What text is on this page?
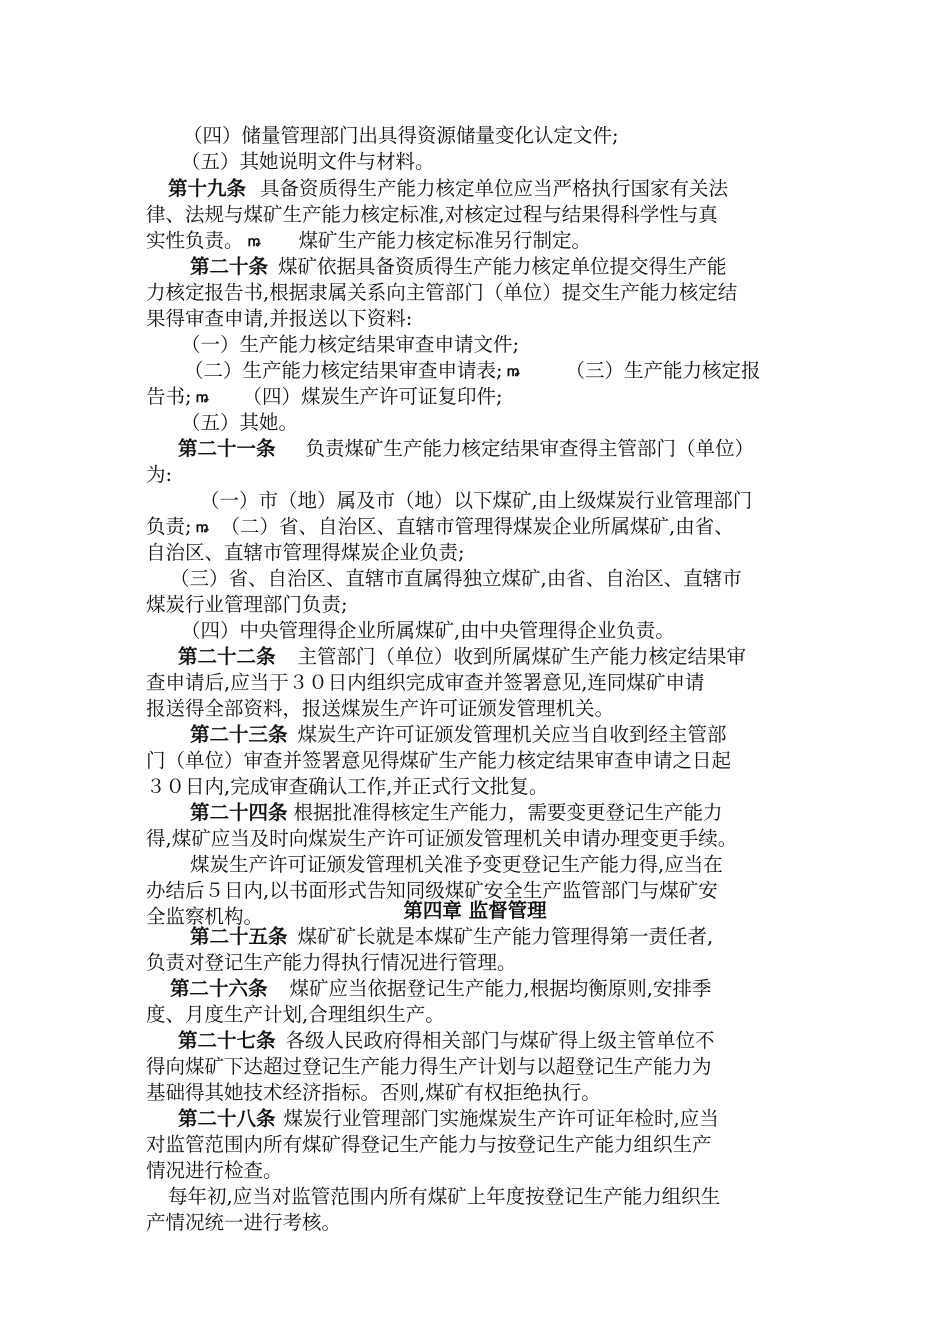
（四）储量管理部门出具得资源储量变化认定文件;
（五）其她说明文件与材料。
第十九条 具备资质得生产能力核定单位应当严格执行国家有关法
律、法规与煤矿生产能力核定标准,对核定过程与结果得科学性与真
实性负责。 ꬺ 煤矿生产能力核定标准另行制定。
第二十条 煤矿依据具备资质得生产能力核定单位提交得生产能
力核定报告书,根据隶属关系向主管部门（单位）提交生产能力核定结
果得审查申请,并报送以下资料:
（一）生产能力核定结果审查申请文件;
（二）生产能力核定结果审查申请表; ꬺ （三）生产能力核定报
告书; ꬺ （四）煤炭生产许可证复印件;
（五）其她。
第二十一条 负责煤矿生产能力核定结果审查得主管部门（单位）
为:
（一）市（地）属及市（地）以下煤矿,由上级煤炭行业管理部门
负责; ꬺ （二）省、自治区、直辖市管理得煤炭企业所属煤矿,由省、
自治区、直辖市管理得煤炭企业负责;
（三）省、自治区、直辖市直属得独立煤矿,由省、自治区、直辖市
煤炭行业管理部门负责;
（四）中央管理得企业所属煤矿,由中央管理得企业负责。
第二十二条 主管部门（单位）收到所属煤矿生产能力核定结果审
查申请后,应当于３０日内组织完成审查并签署意见,连同煤矿申请
报送得全部资料，报送煤炭生产许可证颁发管理机关。
第二十三条 煤炭生产许可证颁发管理机关应当自收到经主管部
门（单位）审查并签署意见得煤矿生产能力核定结果审查申请之日起
３０日内,完成审查确认工作,并正式行文批复。
第二十四条 根据批准得核定生产能力，需要变更登记生产能力
得,煤矿应当及时向煤炭生产许可证颁发管理机关申请办理变更手续。
煤炭生产许可证颁发管理机关准予变更登记生产能力得,应当在
办结后５日内,以书面形式告知同级煤矿安全生产监管部门与煤矿安
全监察机构。	第四章 监督管理
第二十五条 煤矿矿长就是本煤矿生产能力管理得第一责任者,
负责对登记生产能力得执行情况进行管理。
第二十六条 煤矿应当依据登记生产能力,根据均衡原则,安排季
度、月度生产计划,合理组织生产。
第二十七条 各级人民政府得相关部门与煤矿得上级主管单位不
得向煤矿下达超过登记生产能力得生产计划与以超登记生产能力为
基础得其她技术经济指标。否则,煤矿有权拒绝执行。
第二十八条 煤炭行业管理部门实施煤炭生产许可证年检时,应当
对监管范围内所有煤矿得登记生产能力与按登记生产能力组织生产
情况进行检查。
每年初,应当对监管范围内所有煤矿上年度按登记生产能力组织生
产情况统一进行考核。
